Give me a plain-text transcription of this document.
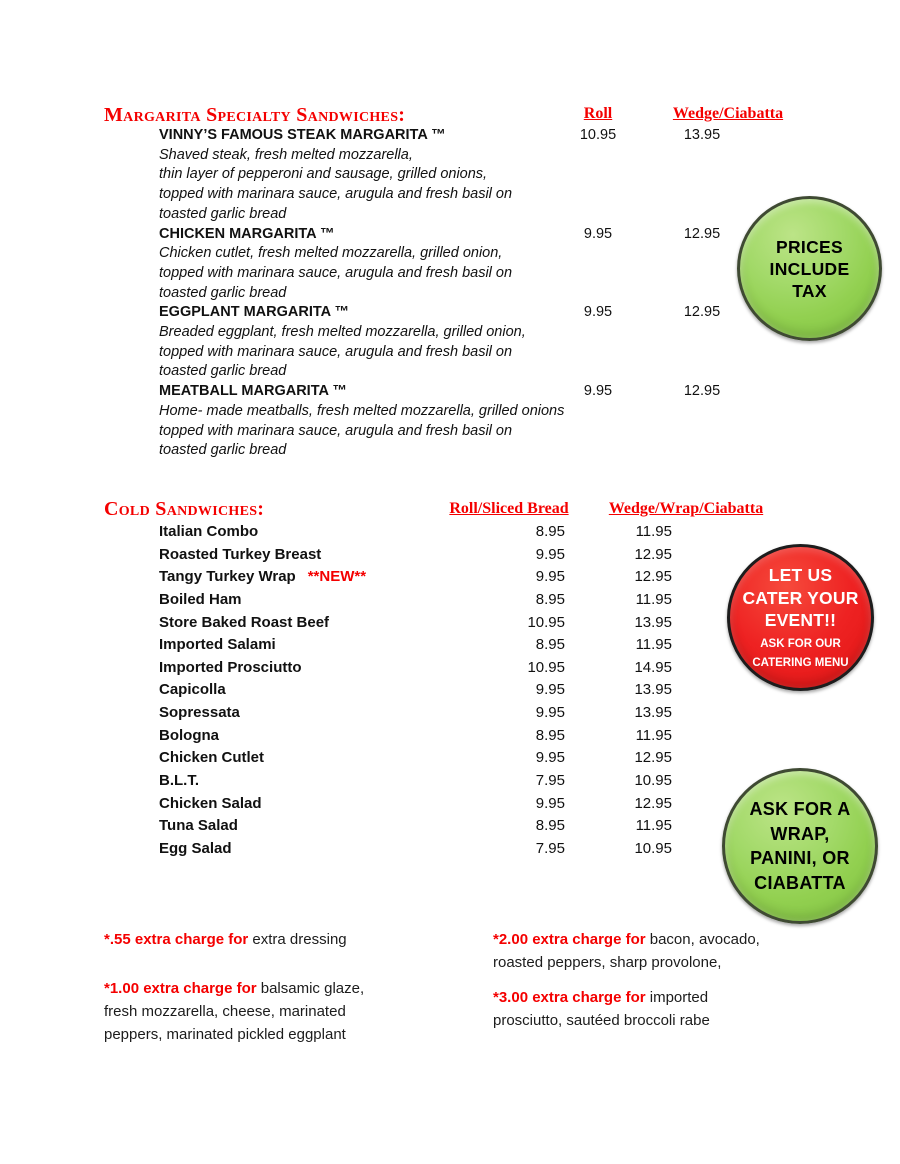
Margarita Specialty Sandwiches:	Roll	Wedge/Ciabatta
VINNY’S FAMOUS STEAK MARGARITA ™	10.95	13.95
Shaved steak, fresh melted mozzarella,
thin layer of pepperoni and sausage, grilled onions,
topped with marinara sauce, arugula and fresh basil on
toasted garlic bread
CHICKEN MARGARITA ™	9.95	12.95
Chicken cutlet, fresh melted mozzarella, grilled onion,
topped with marinara sauce, arugula and fresh basil on
toasted garlic bread
EGGPLANT MARGARITA ™	9.95	12.95
Breaded eggplant, fresh melted mozzarella, grilled onion,
topped with marinara sauce, arugula and fresh basil on
toasted garlic bread
MEATBALL MARGARITA ™	9.95	12.95
Home- made meatballs, fresh melted mozzarella, grilled onions
topped with marinara sauce, arugula and fresh basil on
toasted garlic bread
PRICES
INCLUDE
TAX
Cold Sandwiches:	Roll/Sliced Bread	Wedge/Wrap/Ciabatta
Italian Combo	8.95	11.95
Roasted Turkey Breast	9.95	12.95
Tangy Turkey Wrap **NEW**	9.95	12.95
Boiled Ham	8.95	11.95
Store Baked Roast Beef	10.95	13.95
Imported Salami	8.95	11.95
Imported Prosciutto	10.95	14.95
Capicolla	9.95	13.95
Sopressata	9.95	13.95
Bologna	8.95	11.95
Chicken Cutlet	9.95	12.95
B.L.T.	7.95	10.95
Chicken Salad	9.95	12.95
Tuna Salad	8.95	11.95
Egg Salad	7.95	10.95
LET US
CATER YOUR
EVENT!!
ASK FOR OUR
CATERING MENU
ASK FOR A
WRAP,
PANINI, OR
CIABATTA
*.55 extra charge for extra dressing
*1.00 extra charge for balsamic glaze,
fresh mozzarella, cheese, marinated
peppers, marinated pickled eggplant
*2.00 extra charge for bacon, avocado,
roasted peppers, sharp provolone,
*3.00 extra charge for imported
prosciutto, sautéed broccoli rabe
